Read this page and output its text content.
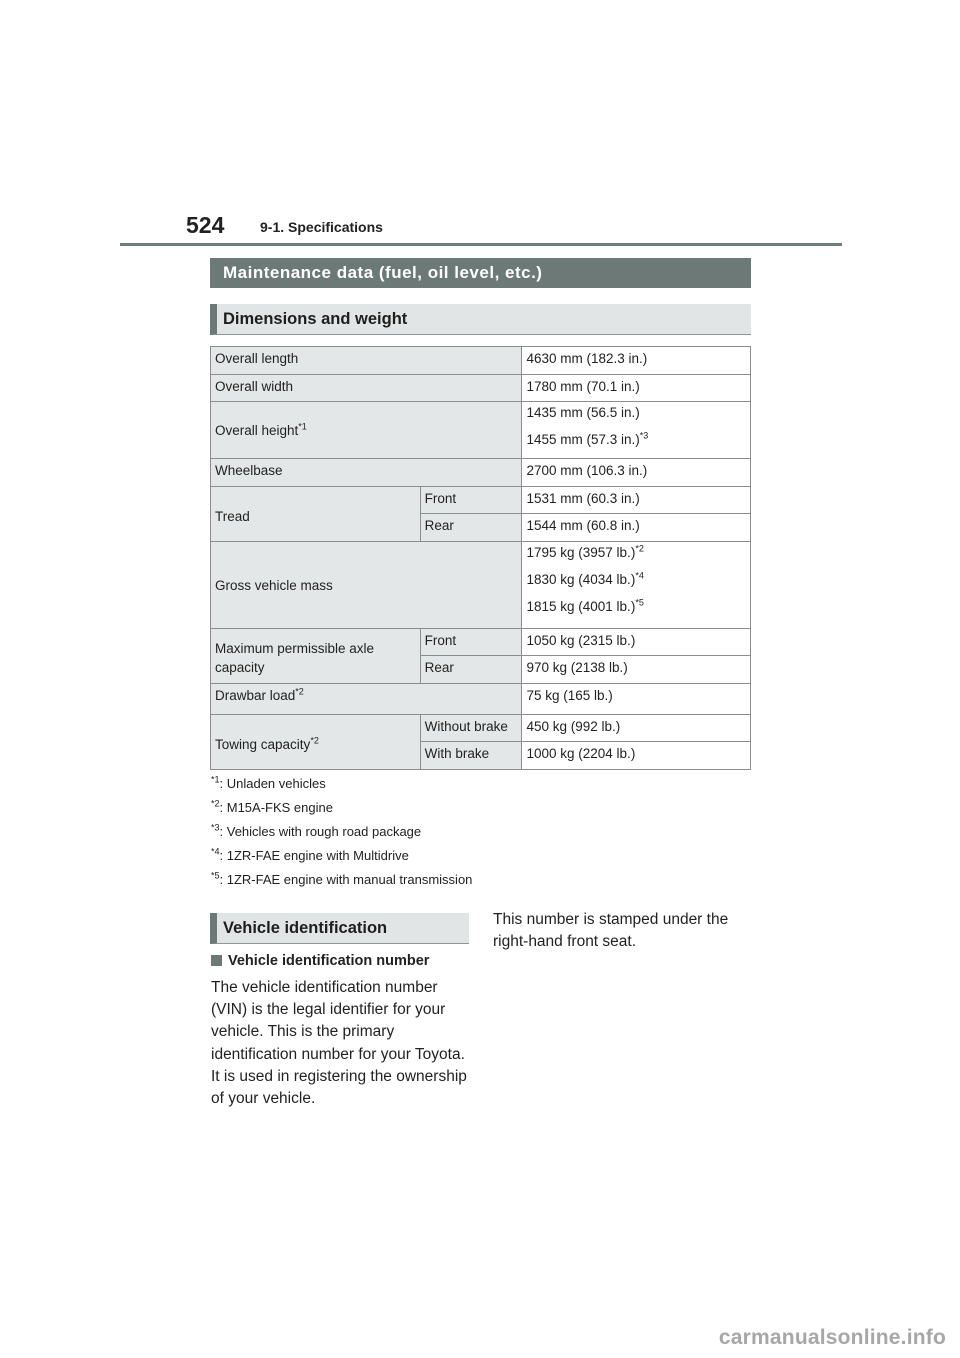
524	9-1. Specifications
Maintenance data (fuel, oil level, etc.)
Dimensions and weight
Overall length		4630 mm (182.3 in.)
Overall width		1780 mm (70.1 in.)
Overall height$^{*1}$		1435 mm (56.5 in.)
1455 mm (57.3 in.)$^{*3}$

Wheelbase		2700 mm (106.3 in.)
Tread	Front	1531 mm (60.3 in.)
	Rear	1544 mm (60.8 in.)
Gross vehicle mass		1795 kg (3957 lb.)$^{*2}$
1830 kg (4034 lb.)$^{*4}$
1815 kg (4001 lb.)$^{*5}$

Maximum permissible axle
capacity	Front	1050 kg (2315 lb.)
	Rear	970 kg (2138 lb.)
Drawbar load$^{*2}$		75 kg (165 lb.)
Towing capacity$^{*2}$	Without brake	450 kg (992 lb.)
	With brake	1000 kg (2204 lb.)
$^{*1}$: Unladen vehicles
$^{*2}$: M15A-FKS engine
$^{*3}$: Vehicles with rough road package
$^{*4}$: 1ZR-FAE engine with Multidrive
$^{*5}$: 1ZR-FAE engine with manual transmission
Vehicle identification
Vehicle identification number
The vehicle identification number (VIN) is the legal identifier for your vehicle. This is the primary identification number for your Toyota. It is used in registering the ownership of your vehicle.
This number is stamped under the right-hand front seat.
carmanualsonline.info
